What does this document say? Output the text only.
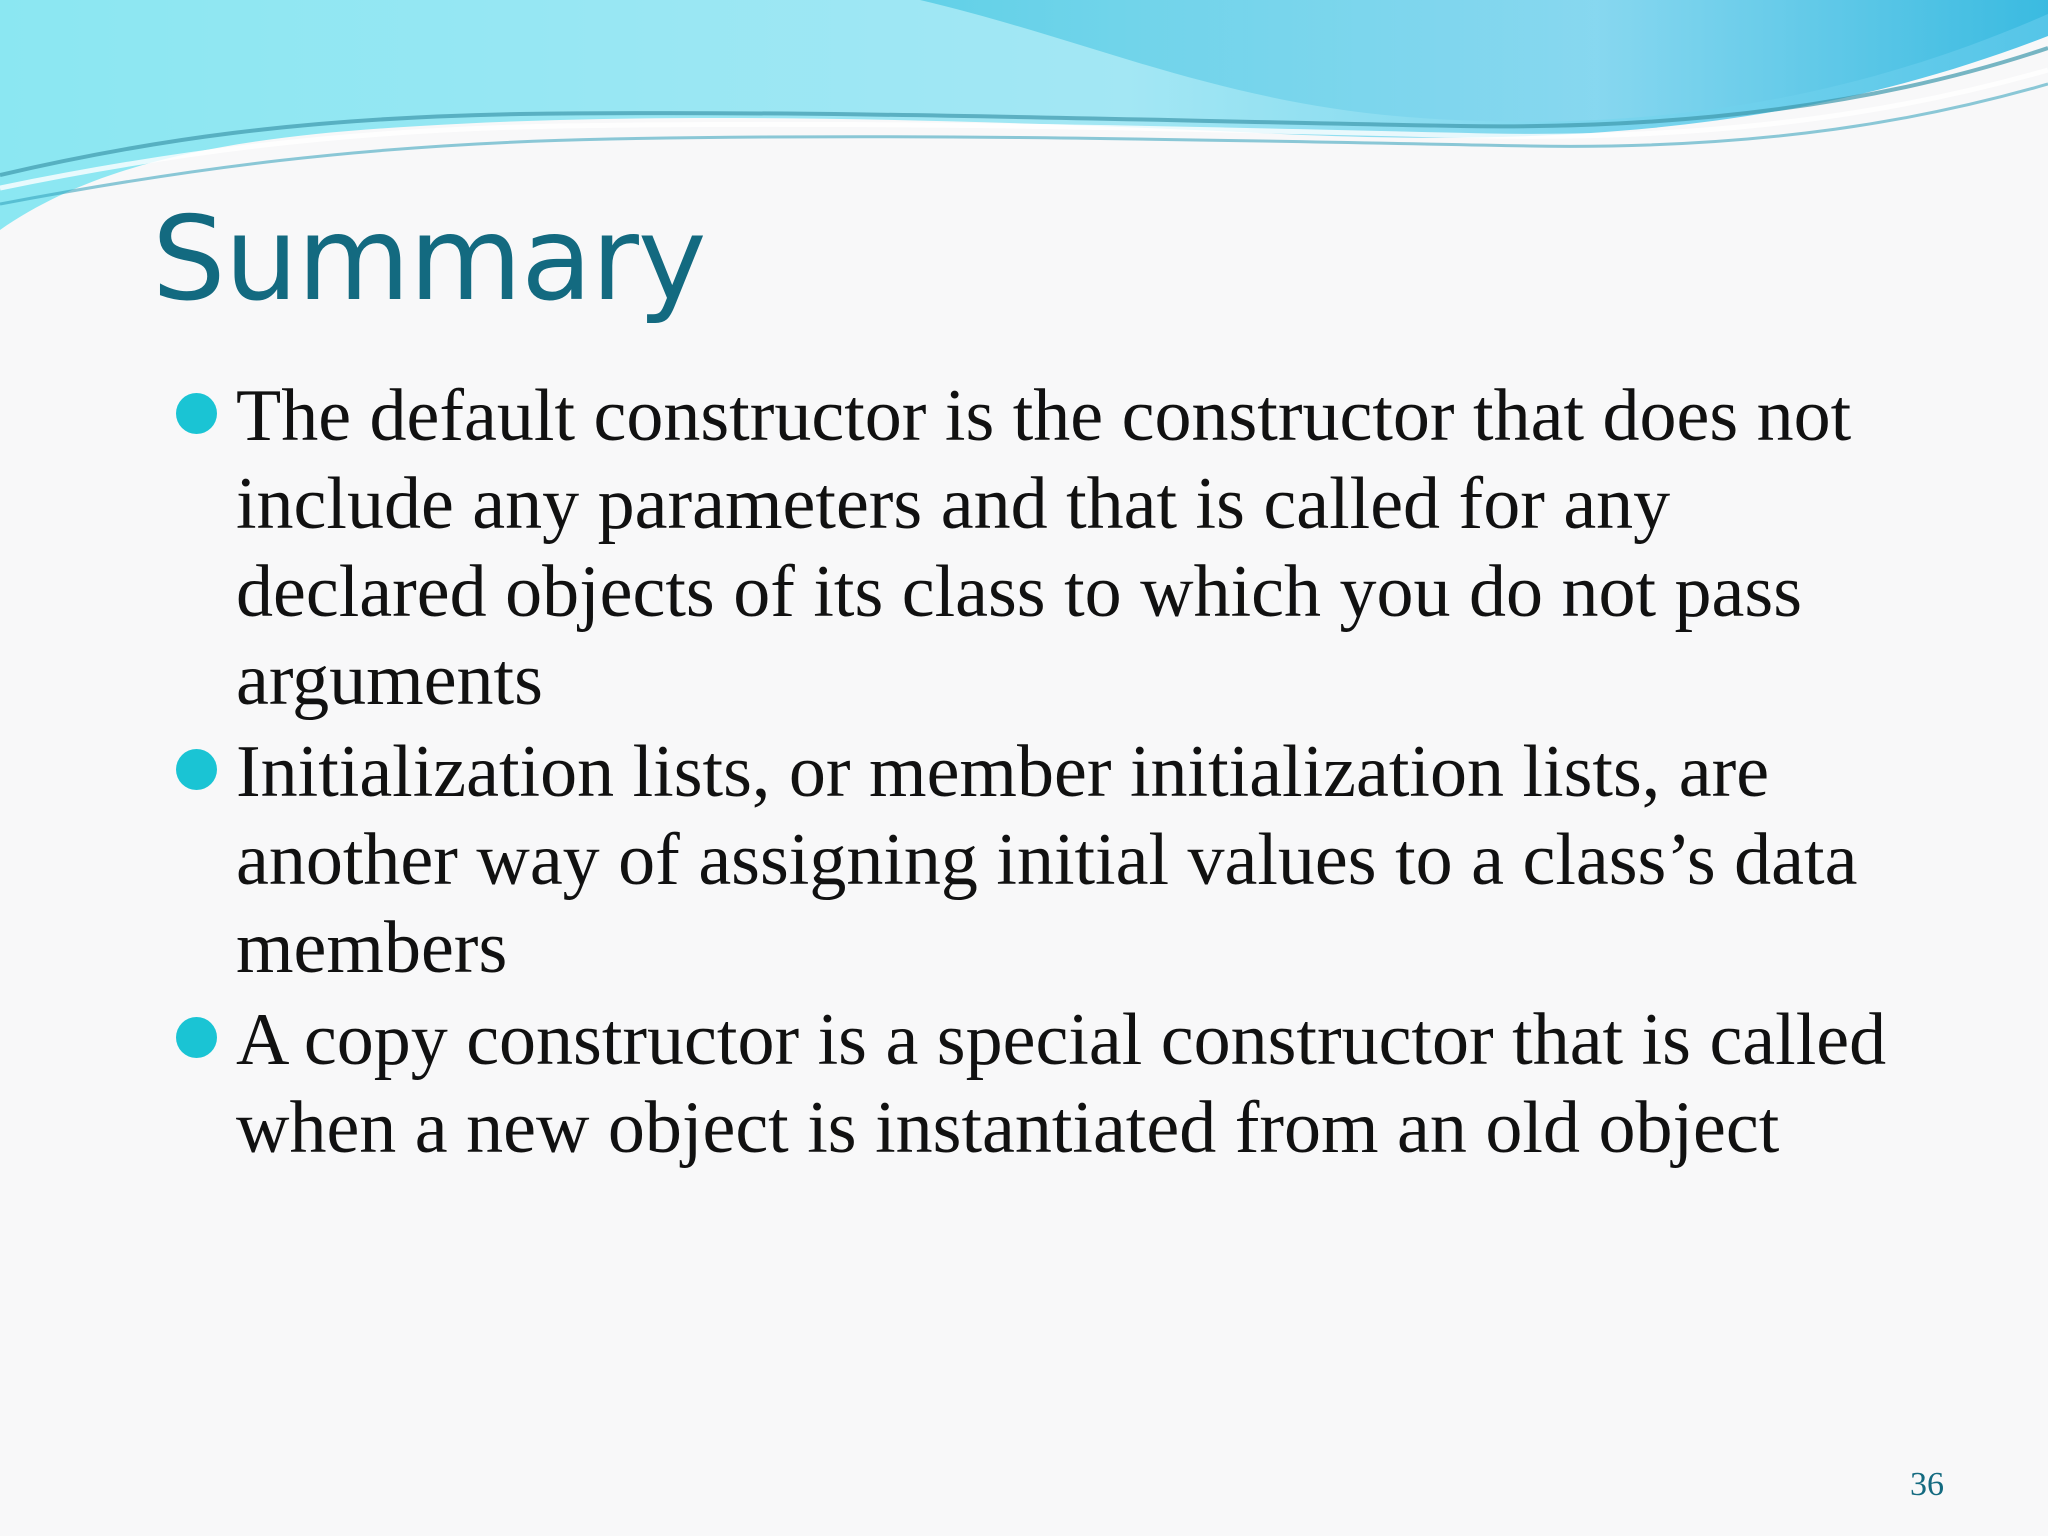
Summary
The default constructor is the constructor that does not include any parameters and that is called for any declared objects of its class to which you do not pass arguments
Initialization lists, or member initialization lists, are another way of assigning initial values to a class’s data members
A copy constructor is a special constructor that is called when a new object is instantiated from an old object
36
